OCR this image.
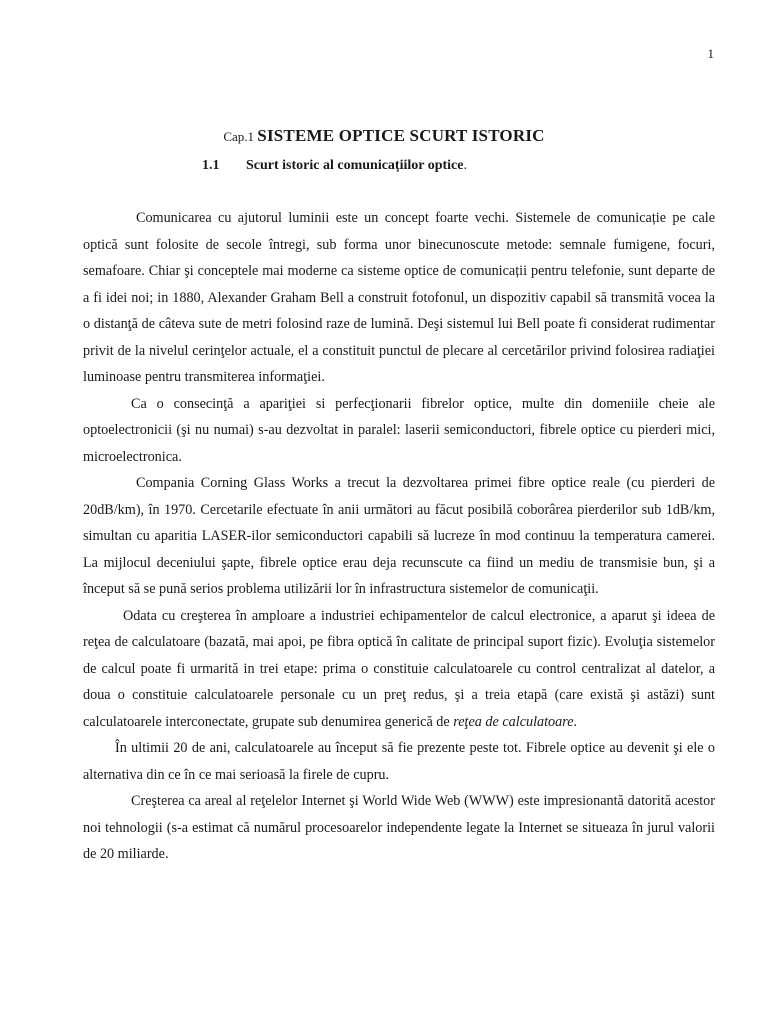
1
Cap.1 SISTEME OPTICE SCURT ISTORIC
1.1 Scurt istoric al comunicațiilor optice.

Comunicarea cu ajutorul luminii este un concept foarte vechi. Sistemele de comunicație pe cale optică sunt folosite de secole întregi, sub forma unor binecunoscute metode: semnale fumigene, focuri, semafoare. Chiar şi conceptele mai moderne ca sisteme optice de comunicații pentru telefonie, sunt departe de a fi idei noi; in 1880, Alexander Graham Bell a construit fotofonul, un dispozitiv capabil să transmită vocea la o distanţă de câteva sute de metri folosind raze de lumină. Deşi sistemul lui Bell poate fi considerat rudimentar privit de la nivelul cerinţelor actuale, el a constituit punctul de plecare al cercetărilor privind folosirea radiaţiei luminoase pentru transmiterea informaţiei.

Ca o consecinţă a apariţiei si perfecţionarii fibrelor optice, multe din domeniile cheie ale optoelectronicii (şi nu numai) s-au dezvoltat in paralel: laserii semiconductori, fibrele optice cu pierderi mici, microelectronica.

Compania Corning Glass Works a trecut la dezvoltarea primei fibre optice reale (cu pierderi de 20dB/km), în 1970. Cercetarile efectuate în anii următori au făcut posibilă coborârea pierderilor sub 1dB/km, simultan cu aparitia LASER-ilor semiconductori capabili să lucreze în mod continuu la temperatura camerei. La mijlocul deceniului şapte, fibrele optice erau deja recunscute ca fiind un mediu de transmisie bun, şi a început să se pună serios problema utilizării lor în infrastructura sistemelor de comunicaţii.

Odata cu creşterea în amploare a industriei echipamentelor de calcul electronice, a aparut şi ideea de reţea de calculatoare (bazată, mai apoi, pe fibra optică în calitate de principal suport fizic). Evoluţia sistemelor de calcul poate fi urmarită in trei etape: prima o constituie calculatoarele cu control centralizat al datelor, a doua o constituie calculatoarele personale cu un preţ redus, şi a treia etapă (care există şi astăzi) sunt calculatoarele interconectate, grupate sub denumirea generică de reţea de calculatoare.

În ultimii 20 de ani, calculatoarele au început să fie prezente peste tot. Fibrele optice au devenit şi ele o alternativa din ce în ce mai serioasă la firele de cupru.

Creşterea ca areal al reţelelor Internet şi World Wide Web (WWW) este impresionantă datorită acestor noi tehnologii (s-a estimat că numărul procesoarelor independente legate la Internet se situeaza în jurul valorii de 20 miliarde.
